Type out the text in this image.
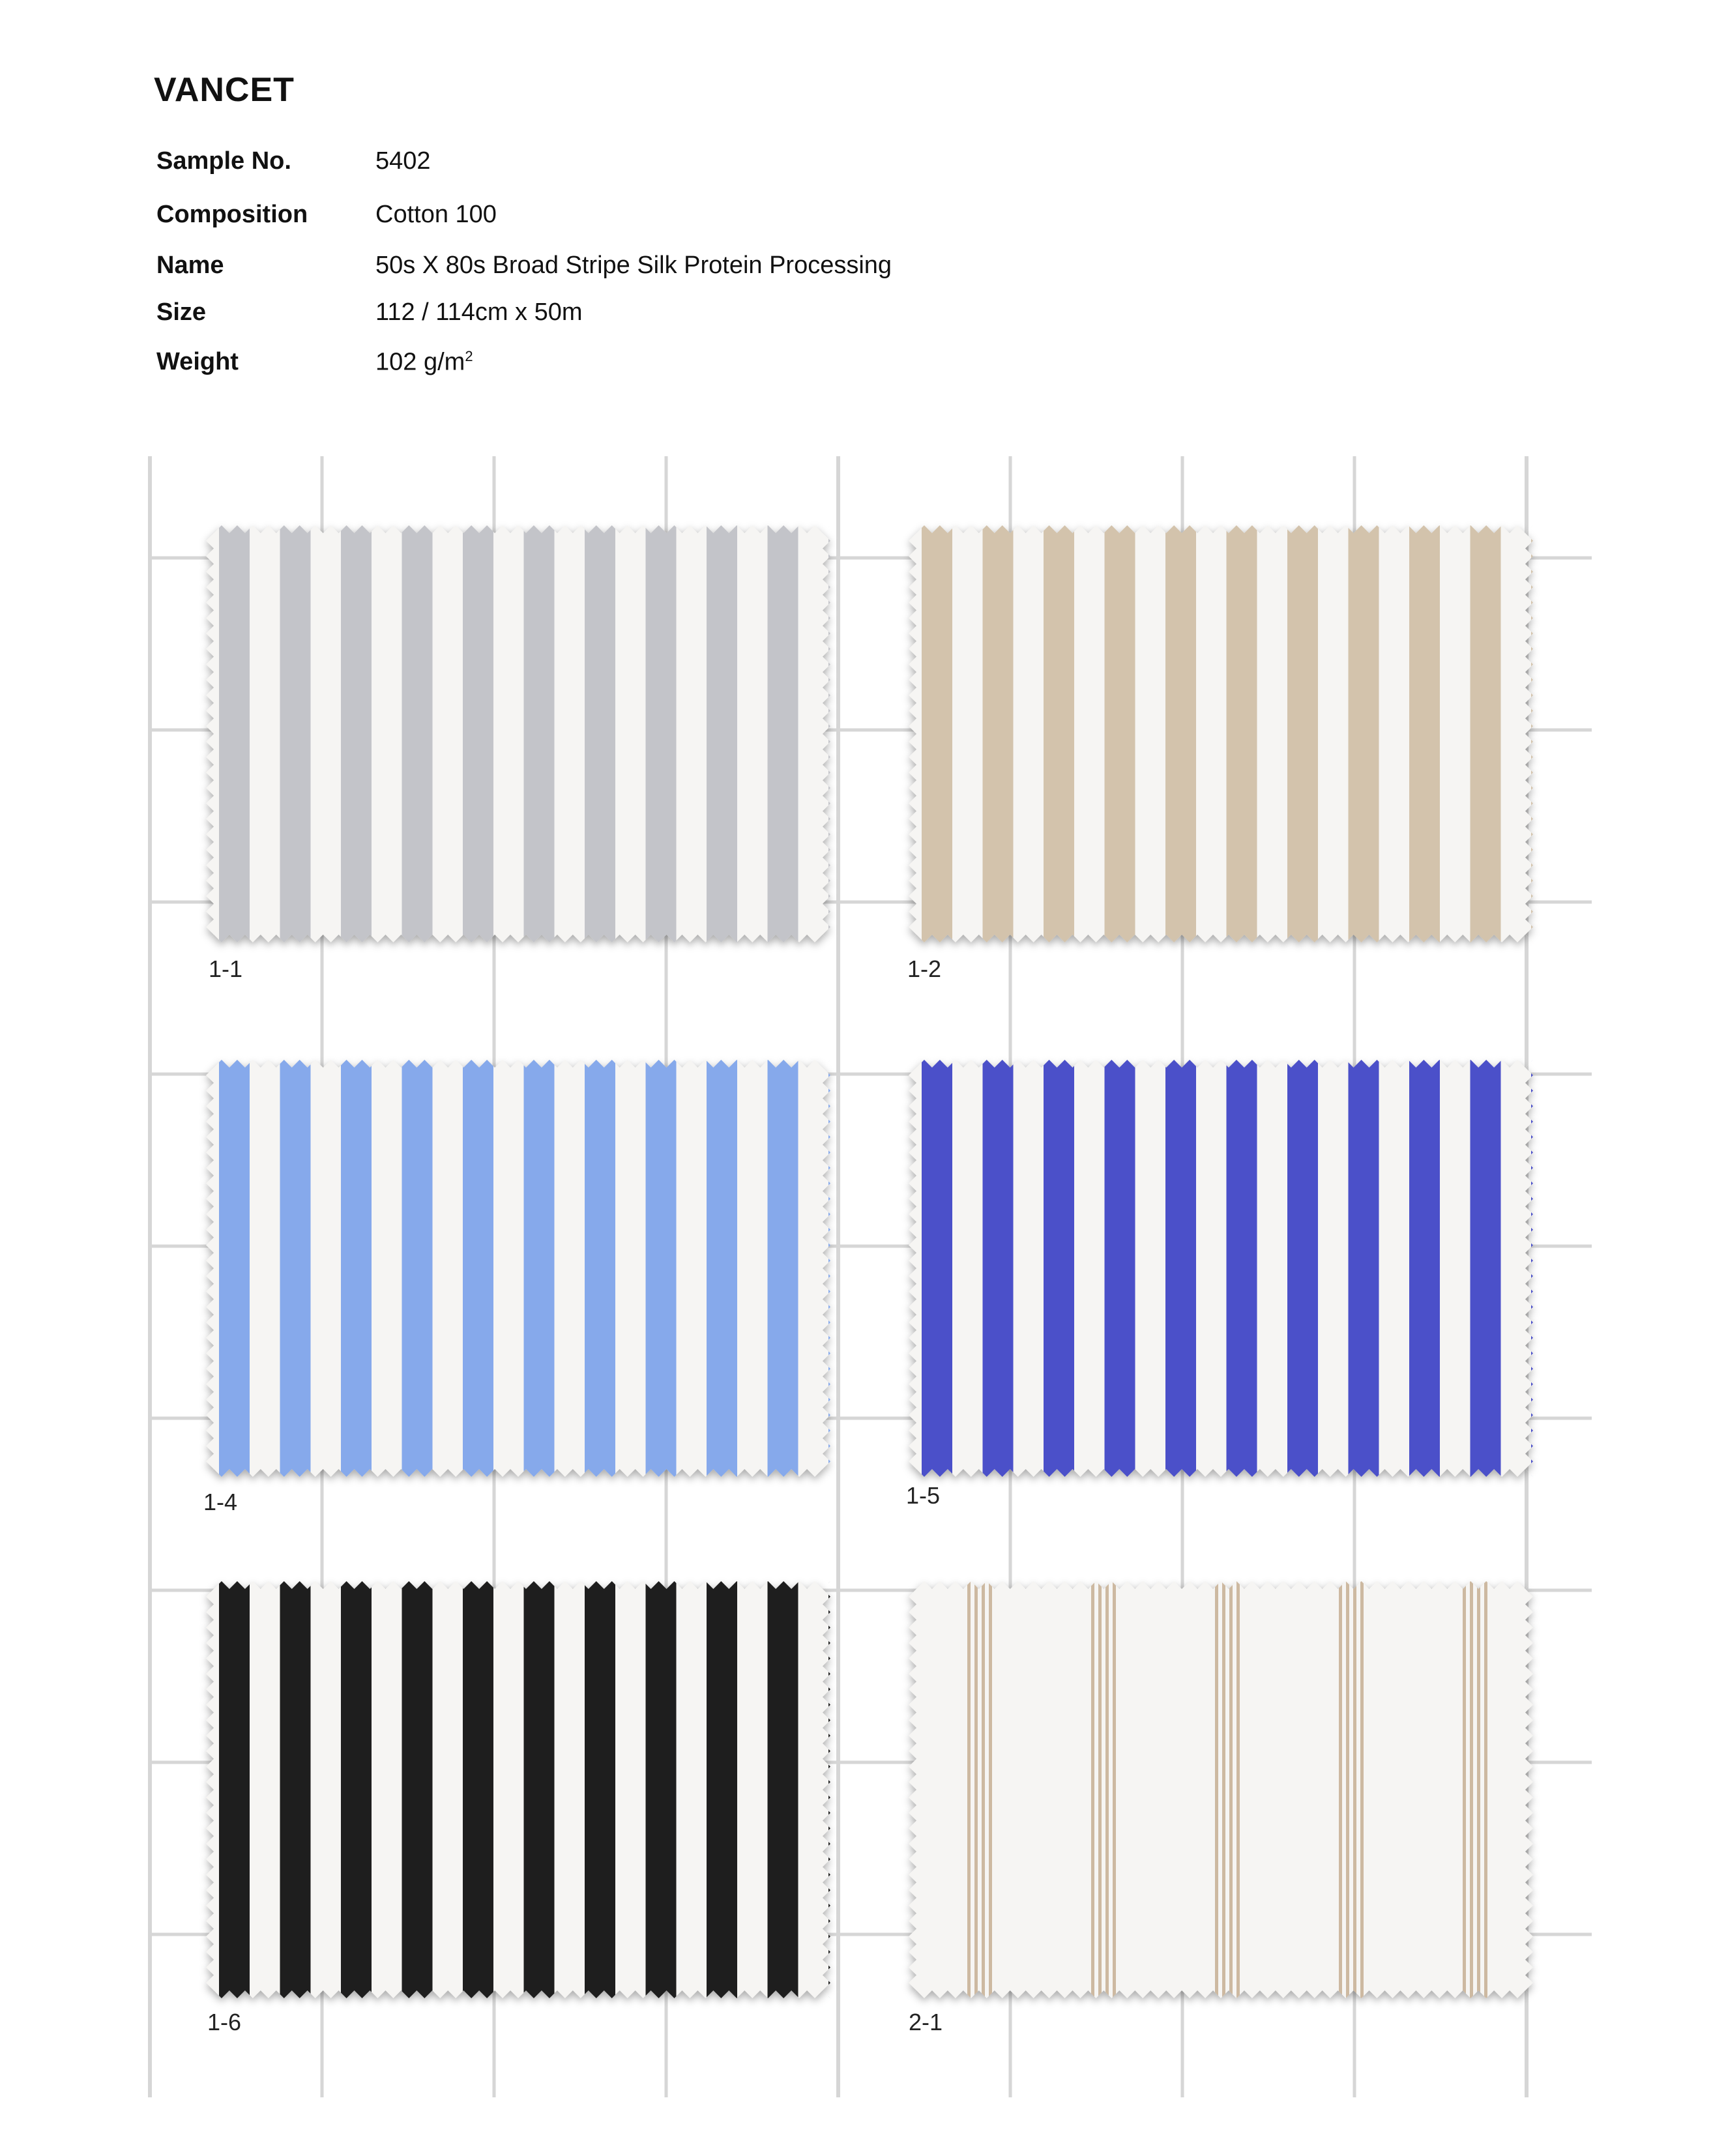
VANCET
Sample No.	5402
Composition	Cotton 100
Name	50s X 80s Broad Stripe Silk Protein Processing
Size	112 / 114cm x 50m
Weight	102 $g/m^2$
1-1	1-2
1-4	1-5
1-6	2-1
